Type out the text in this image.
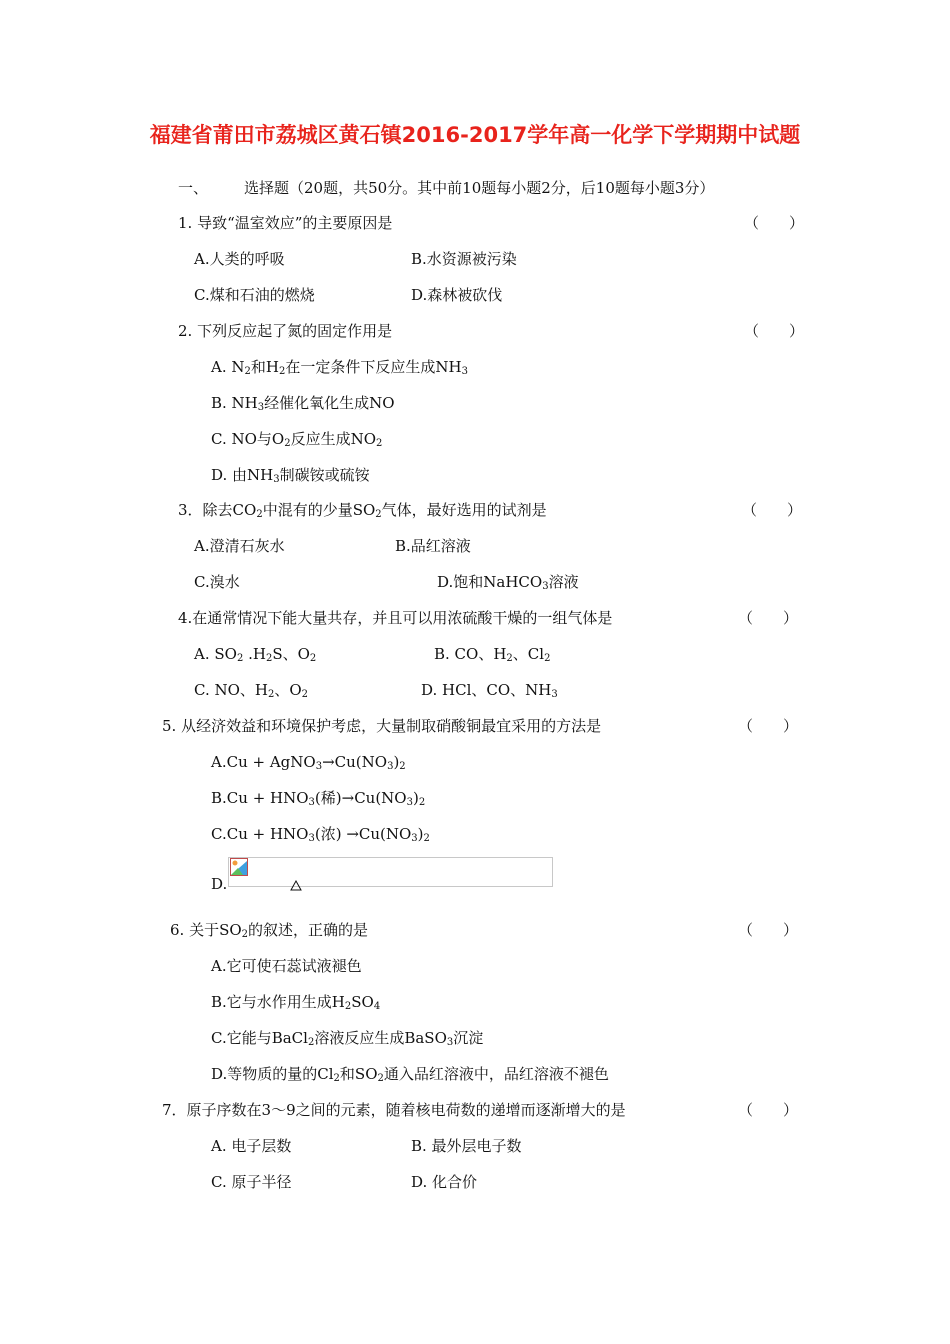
福建省莆田市荔城区黄石镇2016-2017学年高一化学下学期期中试题
一、 选择题（20题，共50分。其中前10题每小题2分，后10题每小题3分）
1. 导致“温室效应”的主要原因是	（　　）
A.人类的呼吸	B.水资源被污染
C.煤和石油的燃烧	D.森林被砍伐
2. 下列反应起了氮的固定作用是	（　　）
A. $N_2$和$H_2$在一定条件下反应生成$NH_3$
B. $NH_3$经催化氧化生成NO
C. NO与$O_2$反应生成$NO_2$
D. 由$NH_3$制碳铵或硫铵
3．除去$CO_2$中混有的少量$SO_2$气体，最好选用的试剂是	（　　）
A.澄清石灰水	B.品红溶液
C.溴水	D.饱和NaHCO$_3$溶液
4.在通常情况下能大量共存，并且可以用浓硫酸干燥的一组气体是	（　　）
A. $SO_2$ $.H_2S$、$O_2$	B. CO、$H_2$、$Cl_2$
C. NO、$H_2$、$O_2$	D. HCl、CO、$NH_3$
5. 从经济效益和环境保护考虑，大量制取硝酸铜最宜采用的方法是	（　　）
$A.Cu + AgNO_3\to Cu(NO_3)_2$
$B.Cu + HNO_3$(稀)$\to Cu(NO_3)_2$
$C.Cu + HNO_3$(浓) $\to Cu(NO_3)_2$
D.
6. 关于$SO_2$的叙述，正确的是	（　　）
A.它可使石蕊试液褪色
B.它与水作用生成$H_2SO_4$
C.它能与BaCl$_2$溶液反应生成BaSO$_3$沉淀
D.等物质的量的$Cl_2$和$SO_2$通入品红溶液中，品红溶液不褪色
7．原子序数在3～9之间的元素，随着核电荷数的递增而逐渐增大的是	（　　）
A. 电子层数	B. 最外层电子数
C. 原子半径	D. 化合价
